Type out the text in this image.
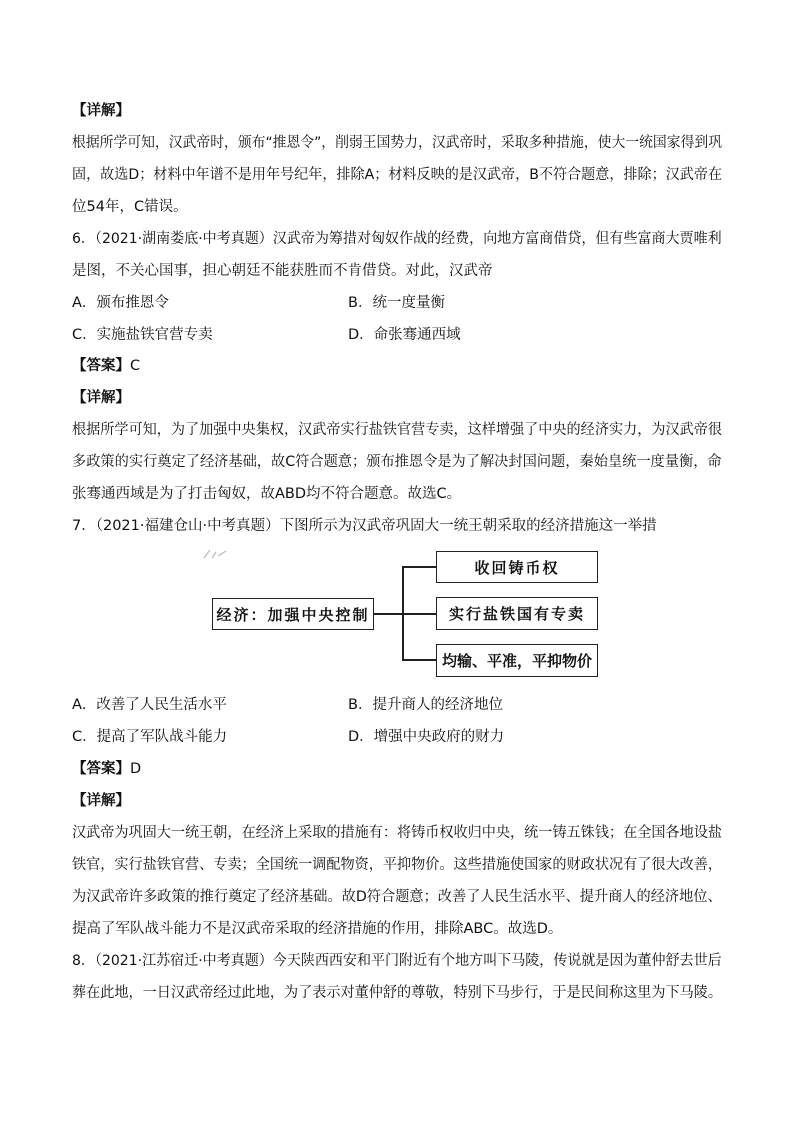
【详解】
根据所学可知，汉武帝时，颁布“推恩令”，削弱王国势力，汉武帝时，采取多种措施，使大一统国家得到巩
固，故选D；材料中年谱不是用年号纪年，排除A；材料反映的是汉武帝，B不符合题意，排除；汉武帝在
位54年，C错误。
6．（2021·湖南娄底·中考真题）汉武帝为筹措对匈奴作战的经费，向地方富商借贷，但有些富商大贾唯利
是图，不关心国事，担心朝廷不能获胜而不肯借贷。对此，汉武帝
A．颁布推恩令	B．统一度量衡
C．实施盐铁官营专卖	D．命张骞通西域
【答案】C
【详解】
根据所学可知，为了加强中央集权，汉武帝实行盐铁官营专卖，这样增强了中央的经济实力，为汉武帝很
多政策的实行奠定了经济基础，故C符合题意；颁布推恩令是为了解决封国问题，秦始皇统一度量衡，命
张骞通西域是为了打击匈奴，故ABD均不符合题意。故选C。
7．（2021·福建仓山·中考真题）下图所示为汉武帝巩固大一统王朝采取的经济措施这一举措
经济：加强中央控制
收回铸币权
实行盐铁国有专卖
均输、平准，平抑物价
A．改善了人民生活水平	B．提升商人的经济地位
C．提高了军队战斗能力	D．增强中央政府的财力
【答案】D
【详解】
汉武帝为巩固大一统王朝，在经济上采取的措施有：将铸币权收归中央，统一铸五铢钱；在全国各地设盐
铁官，实行盐铁官营、专卖；全国统一调配物资，平抑物价。这些措施使国家的财政状况有了很大改善，
为汉武帝许多政策的推行奠定了经济基础。故D符合题意；改善了人民生活水平、提升商人的经济地位、
提高了军队战斗能力不是汉武帝采取的经济措施的作用，排除ABC。故选D。
8．（2021·江苏宿迁·中考真题）今天陕西西安和平门附近有个地方叫下马陵，传说就是因为董仲舒去世后
葬在此地，一日汉武帝经过此地，为了表示对董仲舒的尊敬，特别下马步行，于是民间称这里为下马陵。
